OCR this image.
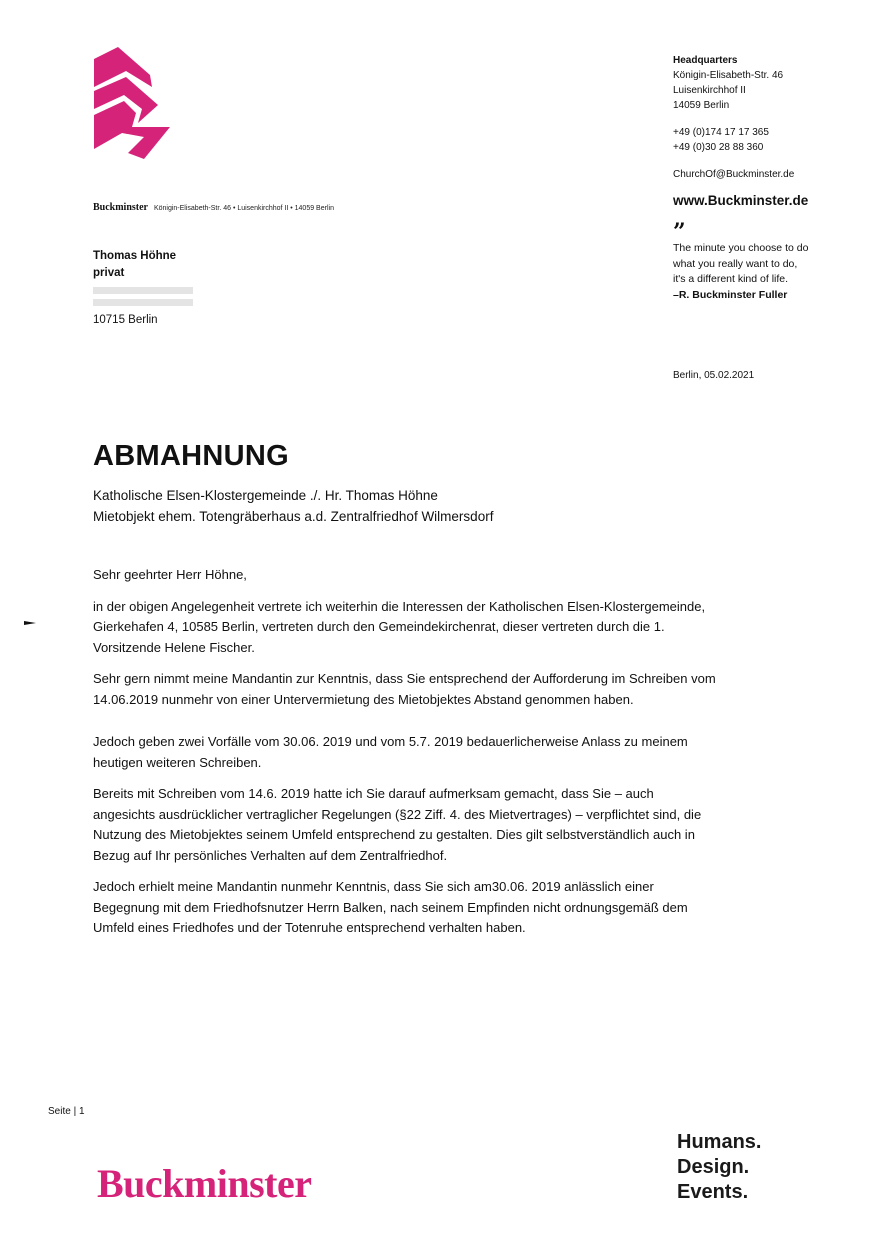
Buckminster Königin-Elisabeth-Str. 46 • Luisenkirchhof II • 14059 Berlin
Thomas Höhne
privat
10715 Berlin
Headquarters
Königin-Elisabeth-Str. 46
Luisenkirchhof II
14059 Berlin
+49 (0)174 17 17 365
+49 (0)30 28 88 360
ChurchOf@Buckminster.de
www.Buckminster.de
”
The minute you choose to do
what you really want to do,
it's a different kind of life.
–R. Buckminster Fuller
Berlin, 05.02.2021
ABMAHNUNG
Katholische Elsen-Klostergemeinde ./. Hr. Thomas Höhne
Mietobjekt ehem. Totengräberhaus a.d. Zentralfriedhof Wilmersdorf

Sehr geehrter Herr Höhne,

in der obigen Angelegenheit vertrete ich weiterhin die Interessen der Katholischen Elsen-Klostergemeinde, Gierkehafen 4, 10585 Berlin, vertreten durch den Gemeindekirchenrat, dieser vertreten durch die 1. Vorsitzende Helene Fischer.

Sehr gern nimmt meine Mandantin zur Kenntnis, dass Sie entsprechend der Aufforderung im Schreiben vom 14.06.2019 nunmehr von einer Untervermietung des Mietobjektes Abstand genommen haben.

Jedoch geben zwei Vorfälle vom 30.06. 2019 und vom 5.7. 2019 bedauerlicherweise Anlass zu meinem heutigen weiteren Schreiben.

Bereits mit Schreiben vom 14.6. 2019 hatte ich Sie darauf aufmerksam gemacht, dass Sie – auch angesichts ausdrücklicher vertraglicher Regelungen (§22 Ziff. 4. des Mietvertrages) – verpflichtet sind, die Nutzung des Mietobjektes seinem Umfeld entsprechend zu gestalten. Dies gilt selbstverständlich auch in Bezug auf Ihr persönliches Verhalten auf dem Zentralfriedhof.

Jedoch erhielt meine Mandantin nunmehr Kenntnis, dass Sie sich am30.06. 2019 anlässlich einer Begegnung mit dem Friedhofsnutzer Herrn Balken, nach seinem Empfinden nicht ordnungsgemäß dem Umfeld eines Friedhofes und der Totenruhe entsprechend verhalten haben.

Seite | 1
Buckminster
Humans.
Design.
Events.
